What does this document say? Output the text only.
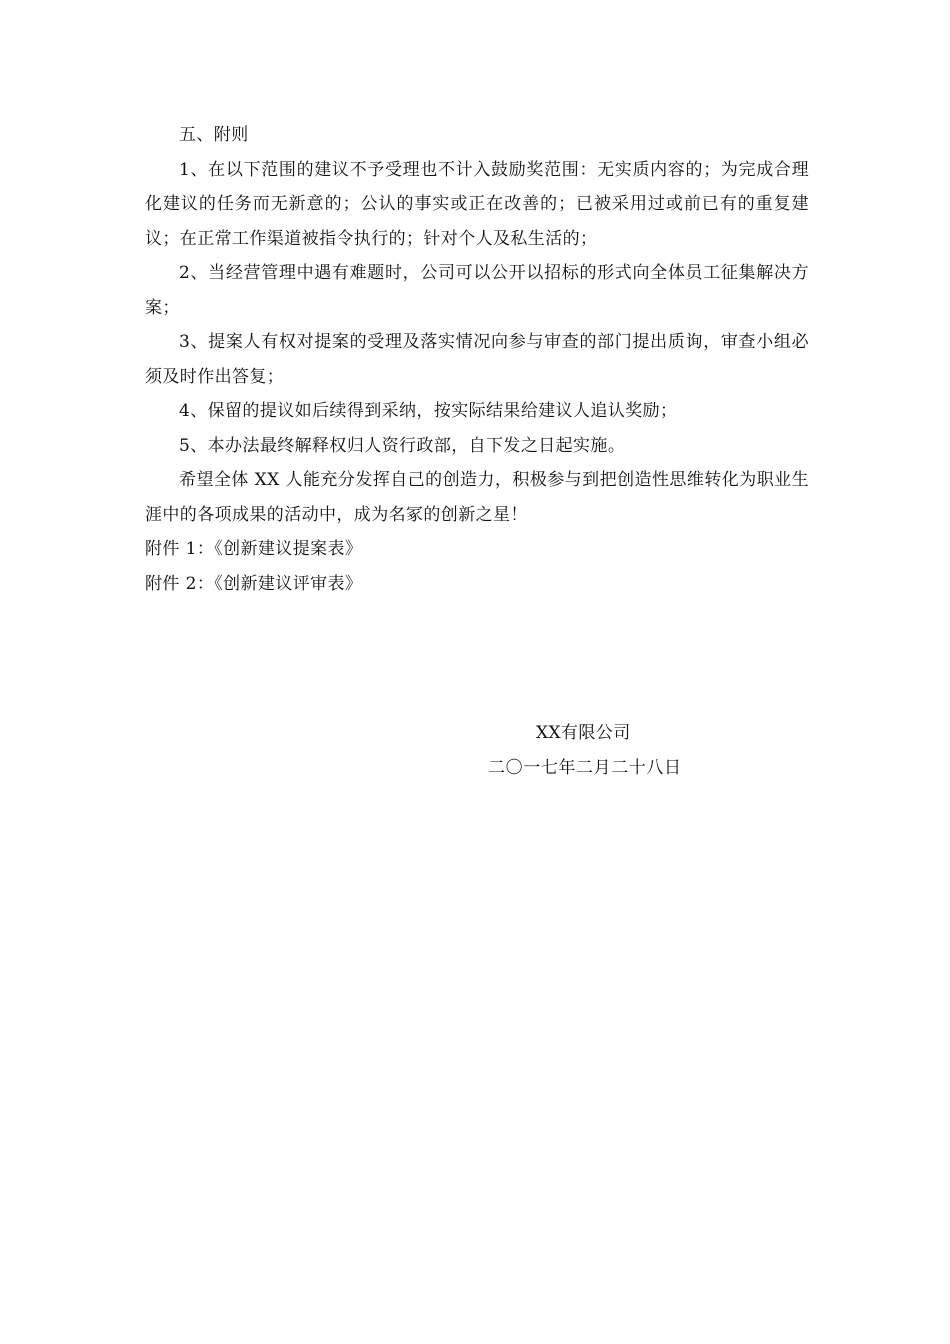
五、附则

1、在以下范围的建议不予受理也不计入鼓励奖范围：无实质内容的；为完成合理化建议的任务而无新意的；公认的事实或正在改善的；已被采用过或前已有的重复建议；在正常工作渠道被指令执行的；针对个人及私生活的；

2、当经营管理中遇有难题时，公司可以公开以招标的形式向全体员工征集解决方案；

3、提案人有权对提案的受理及落实情况向参与审查的部门提出质询，审查小组必须及时作出答复；

4、保留的提议如后续得到采纳，按实际结果给建议人追认奖励；

5、本办法最终解释权归人资行政部，自下发之日起实施。

希望全体 XX 人能充分发挥自己的创造力，积极参与到把创造性思维转化为职业生涯中的各项成果的活动中，成为名冢的创新之星！

附件 1：《创新建议提案表》

附件 2：《创新建议评审表》

XX有限公司
二〇一七年二月二十八日
